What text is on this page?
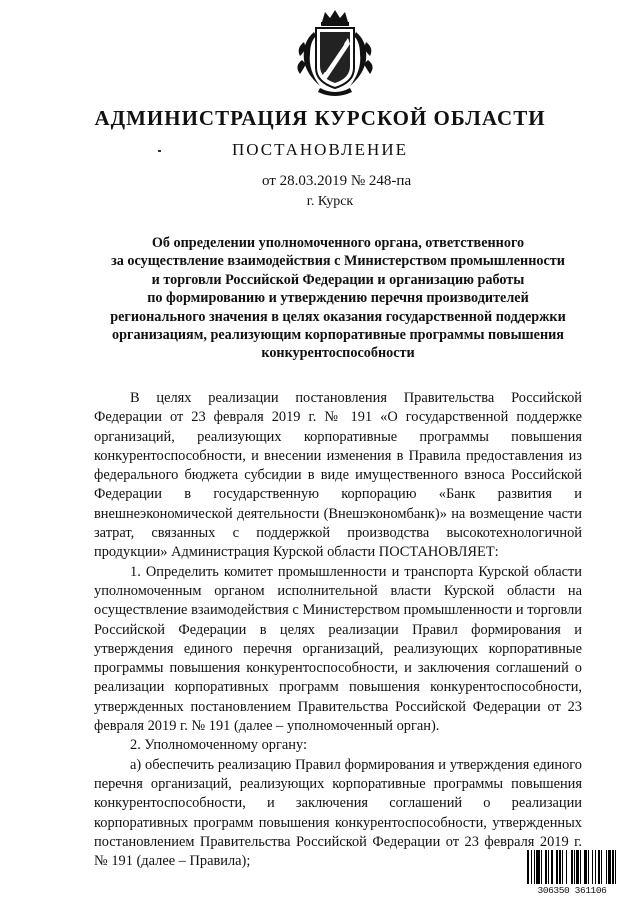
АДМИНИСТРАЦИЯ КУРСКОЙ ОБЛАСТИ
ПОСТАНОВЛЕНИЕ
от 28.03.2019 № 248-па
г. Курск
Об определении уполномоченного органа, ответственного
за осуществление взаимодействия с Министерством промышленности
и торговли Российской Федерации и организацию работы
по формированию и утверждению перечня производителей
регионального значения в целях оказания государственной поддержки
организациям, реализующим корпоративные программы повышения
конкурентоспособности

В целях реализации постановления Правительства Российской Федерации от 23 февраля 2019 г. № 191 «О государственной поддержке организаций, реализующих корпоративные программы повышения конкурентоспособности, и внесении изменения в Правила предоставления из федерального бюджета субсидии в виде имущественного взноса Российской Федерации в государственную корпорацию «Банк развития и внешнеэкономической деятельности (Внешэкономбанк)» на возмещение части затрат, связанных с поддержкой производства высокотехнологичной продукции» Администрация Курской области ПОСТАНОВЛЯЕТ:

1. Определить комитет промышленности и транспорта Курской области уполномоченным органом исполнительной власти Курской области на осуществление взаимодействия с Министерством промышленности и торговли Российской Федерации в целях реализации Правил формирования и утверждения единого перечня организаций, реализующих корпоративные программы повышения конкурентоспособности, и заключения соглашений о реализации корпоративных программ повышения конкурентоспособности, утвержденных постановлением Правительства Российской Федерации от 23 февраля 2019 г. № 191 (далее – уполномоченный орган).

2. Уполномоченному органу:

а) обеспечить реализацию Правил формирования и утверждения единого перечня организаций, реализующих корпоративные программы повышения конкурентоспособности, и заключения соглашений о реализации корпоративных программ повышения конкурентоспособности, утвержденных постановлением Правительства Российской Федерации от 23 февраля 2019 г. № 191 (далее – Правила);

306350 361106
